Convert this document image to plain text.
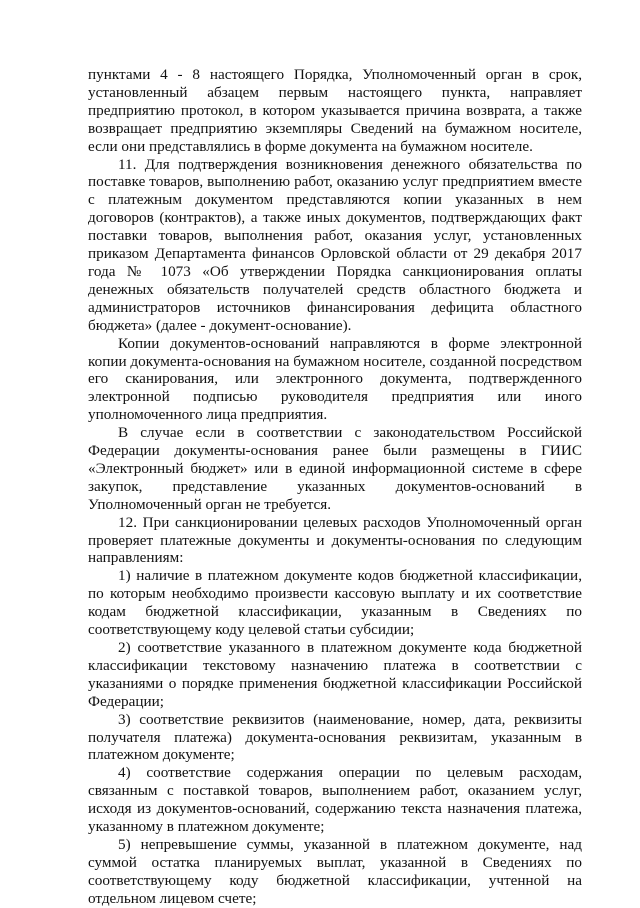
пунктами 4 - 8 настоящего Порядка, Уполномоченный орган в срок, установленный абзацем первым настоящего пункта, направляет предприятию протокол, в котором указывается причина возврата, а также возвращает предприятию экземпляры Сведений на бумажном носителе, если они представлялись в форме документа на бумажном носителе.

11. Для подтверждения возникновения денежного обязательства по поставке товаров, выполнению работ, оказанию услуг предприятием вместе с платежным документом представляются копии указанных в нем договоров (контрактов), а также иных документов, подтверждающих факт поставки товаров, выполнения работ, оказания услуг, установленных приказом Департамента финансов Орловской области от 29 декабря 2017 года № 1073 «Об утверждении Порядка санкционирования оплаты денежных обязательств получателей средств областного бюджета и администраторов источников финансирования дефицита областного бюджета» (далее - документ-основание).

Копии документов-оснований направляются в форме электронной копии документа-основания на бумажном носителе, созданной посредством его сканирования, или электронного документа, подтвержденного электронной подписью руководителя предприятия или иного уполномоченного лица предприятия.

В случае если в соответствии с законодательством Российской Федерации документы-основания ранее были размещены в ГИИС «Электронный бюджет» или в единой информационной системе в сфере закупок, представление указанных документов-оснований в Уполномоченный орган не требуется.

12. При санкционировании целевых расходов Уполномоченный орган проверяет платежные документы и документы-основания по следующим направлениям:

1) наличие в платежном документе кодов бюджетной классификации, по которым необходимо произвести кассовую выплату и их соответствие кодам бюджетной классификации, указанным в Сведениях по соответствующему коду целевой статьи субсидии;

2) соответствие указанного в платежном документе кода бюджетной классификации текстовому назначению платежа в соответствии с указаниями о порядке применения бюджетной классификации Российской Федерации;

3) соответствие реквизитов (наименование, номер, дата, реквизиты получателя платежа) документа-основания реквизитам, указанным в платежном документе;

4) соответствие содержания операции по целевым расходам, связанным с поставкой товаров, выполнением работ, оказанием услуг, исходя из документов-оснований, содержанию текста назначения платежа, указанному в платежном документе;

5) непревышение суммы, указанной в платежном документе, над суммой остатка планируемых выплат, указанной в Сведениях по соответствующему коду бюджетной классификации, учтенной на отдельном лицевом счете;
